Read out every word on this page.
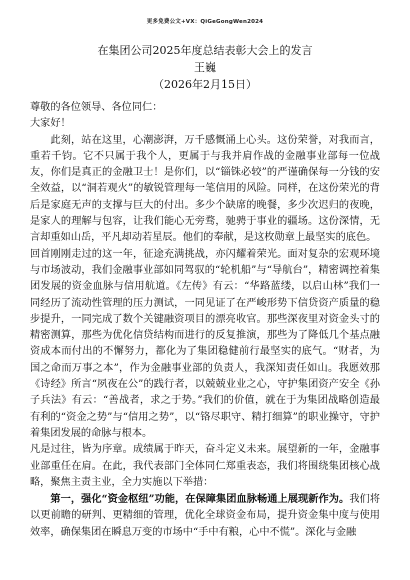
更多免费公文+VX：QiGeGongWen2024
在集团公司2025年度总结表彰大会上的发言
王巍
（2026年2月15日）

尊敬的各位领导、各位同仁：

大家好！

此刻，站在这里，心潮澎湃，万千感慨涌上心头。这份荣誉，对我而言，重若千钧。它不只属于我个人，更属于与我并肩作战的金融事业部每一位战友，你们是真正的金融卫士！是你们，以“锱铢必较”的严谨确保每一分钱的安全效益，以“洞若观火”的敏锐管理每一笔信用的风险。同样，在这份荣光的背后是家庭无声的支撑与巨大的付出。多少个缺席的晚餐，多少次迟归的夜晚，是家人的理解与包容，让我们能心无旁骛，驰骋于事业的疆场。这份深情，无言却重如山岳，平凡却动若星辰。他们的奉献，是这枚勋章上最坚实的底色。

回首刚刚走过的这一年，征途充满挑战，亦闪耀着荣光。面对复杂的宏观环境与市场波动，我们金融事业部如同驾驭的“轮机船”与“导航台”，精密调控着集团发展的资金血脉与信用航道。《左传》有云：“华路蓝缕，以启山林”我们一同经历了流动性管理的压力测试，一同见证了在严峻形势下信贷资产质量的稳步提升，一同完成了数个关键融资项目的漂亮收官。那些深夜里对资金头寸的精密测算，那些为优化信贷结构而进行的反复推演，那些为了降低几个基点融资成本而付出的不懈努力，都化为了集团稳健前行最坚实的底气。“财者，为国之命而万事之本”，作为金融事业部的负责人，我深知责任如山。我愿效那《诗经》所言“夙夜在公”的践行者，以兢兢业业之心，守护集团资产安全《孙子兵法》有云：“善战者，求之于势。”我们的价值，就在于为集团战略创造最有利的“资金之势”与“信用之势”，以“铬尽职守、精打细算”的职业操守，守护着集团发展的命脉与根本。

凡是过往，皆为序章。成绩属于昨天，奋斗定义未来。展望新的一年，金融事业部重任在肩。在此，我代表部门全体同仁郑重表态，我们将围绕集团核心战略，聚焦主责主业，全力实施以下举措：

第一，强化“资金枢纽”功能，在保障集团血脉畅通上展现新作为。我们将以更前瞻的研判、更精细的管理，优化全球资金布局，提升资金集中度与使用效率，确保集团在瞬息万变的市场中“手中有粮，心中不慌”。深化与金融
